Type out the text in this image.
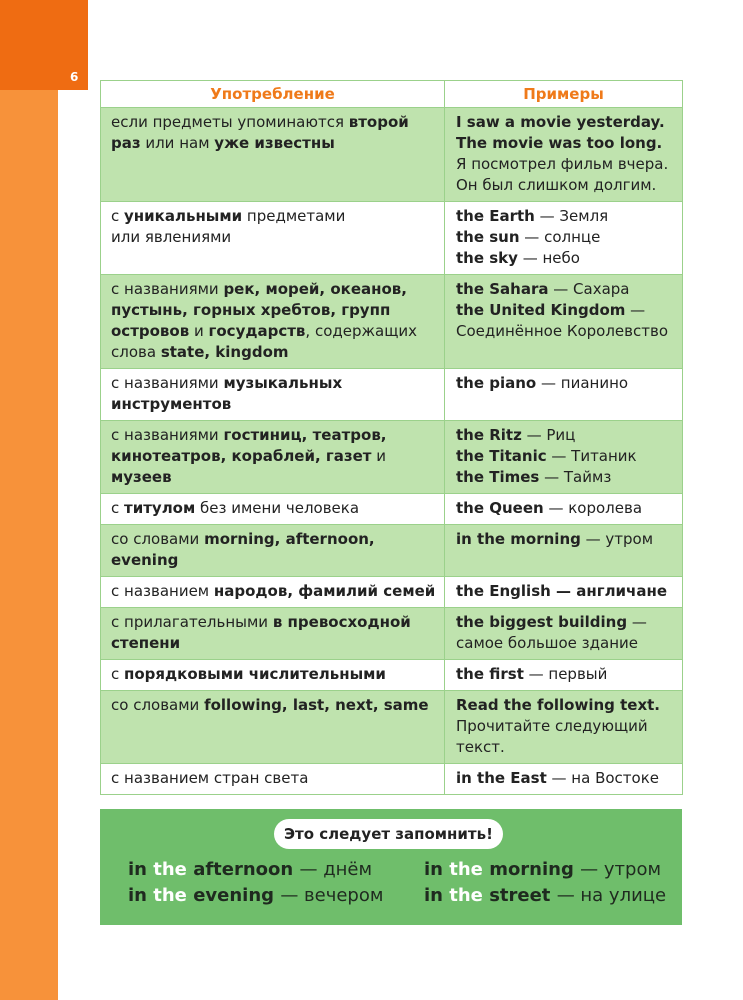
6
Употребление	Примеры
если предметы упоминаются второй раз или нам уже известны	I saw a movie yesterday.
The movie was too long.
Я посмотрел фильм вчера.
Он был слишком долгим.
с уникальными предметами
или явлениями	the Earth — Земля
the sun — солнце
the sky — небо
с названиями рек, морей, океанов, пустынь, горных хребтов, групп островов и государств, содержащих слова state, kingdom	the Sahara — Сахара
the United Kingdom —
Соединённое Королевство
с названиями музыкальных инструментов	the piano — пианино
с названиями гостиниц, театров, кинотеатров, кораблей, газет и музеев	the Ritz — Риц
the Titanic — Титаник
the Times — Таймз
с титулом без имени человека	the Queen — королева
со словами morning, afternoon, evening	in the morning — утром
с названием народов, фамилий семей	the English — англичане
с прилагательными в превосходной степени	the biggest building —
самое большое здание
с порядковыми числительными	the first — первый
со словами following, last, next, same	Read the following text.
Прочитайте следующий текст.
с названием стран света	in the East — на Востоке
Это следует запомнить!
in the afternoon — днём	in the morning — утром
in the evening — вечером in the street — на улице
